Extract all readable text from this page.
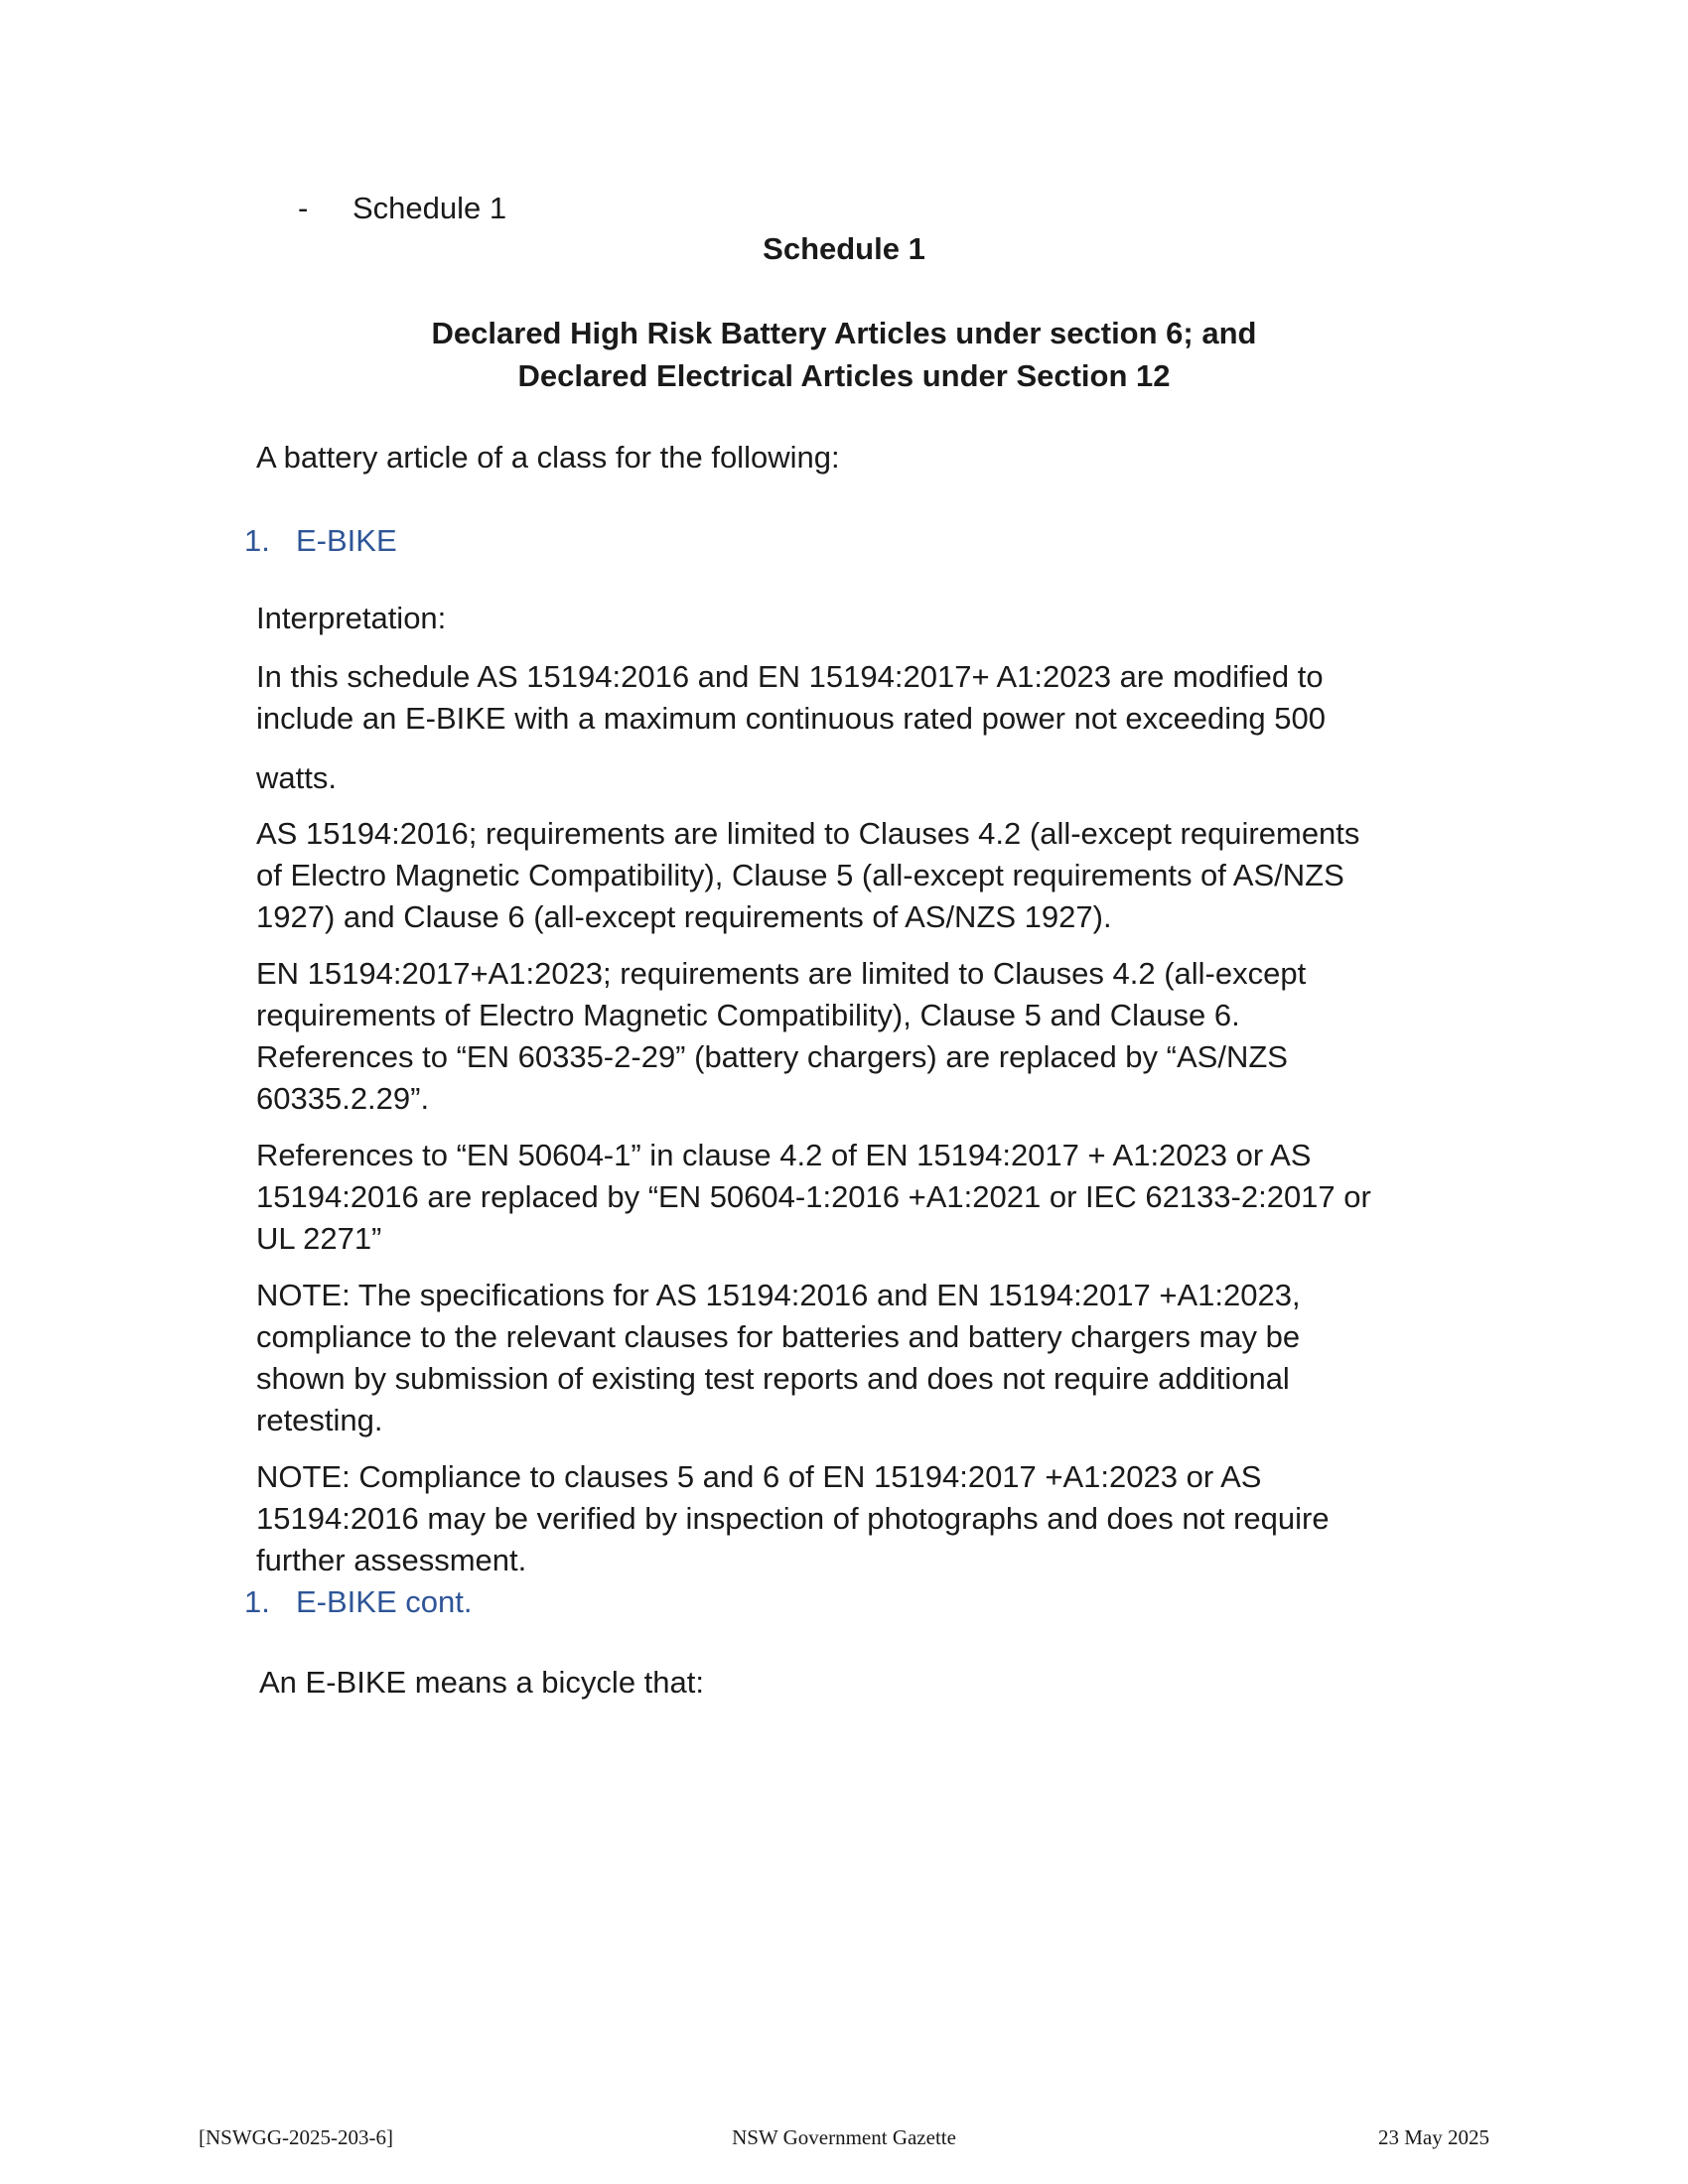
- Schedule 1
Schedule 1
Declared High Risk Battery Articles under section 6; and
Declared Electrical Articles under Section 12
A battery article of a class for the following:
1. E-BIKE
Interpretation:
In this schedule AS 15194:2016 and EN 15194:2017+ A1:2023 are modified to
include an E-BIKE with a maximum continuous rated power not exceeding 500
watts.
AS 15194:2016; requirements are limited to Clauses 4.2 (all-except requirements
of Electro Magnetic Compatibility), Clause 5 (all-except requirements of AS/NZS
1927) and Clause 6 (all-except requirements of AS/NZS 1927).
EN 15194:2017+A1:2023; requirements are limited to Clauses 4.2 (all-except
requirements of Electro Magnetic Compatibility), Clause 5 and Clause 6.
References to “EN 60335-2-29” (battery chargers) are replaced by “AS/NZS
60335.2.29”.
References to “EN 50604-1” in clause 4.2 of EN 15194:2017 + A1:2023 or AS
15194:2016 are replaced by “EN 50604-1:2016 +A1:2021 or IEC 62133-2:2017 or
UL 2271”
NOTE: The specifications for AS 15194:2016 and EN 15194:2017 +A1:2023,
compliance to the relevant clauses for batteries and battery chargers may be
shown by submission of existing test reports and does not require additional
retesting.
NOTE: Compliance to clauses 5 and 6 of EN 15194:2017 +A1:2023 or AS
15194:2016 may be verified by inspection of photographs and does not require
further assessment.
1. E-BIKE cont.
An E-BIKE means a bicycle that:
[NSWGG-2025-203-6]	NSW Government Gazette	23 May 2025
